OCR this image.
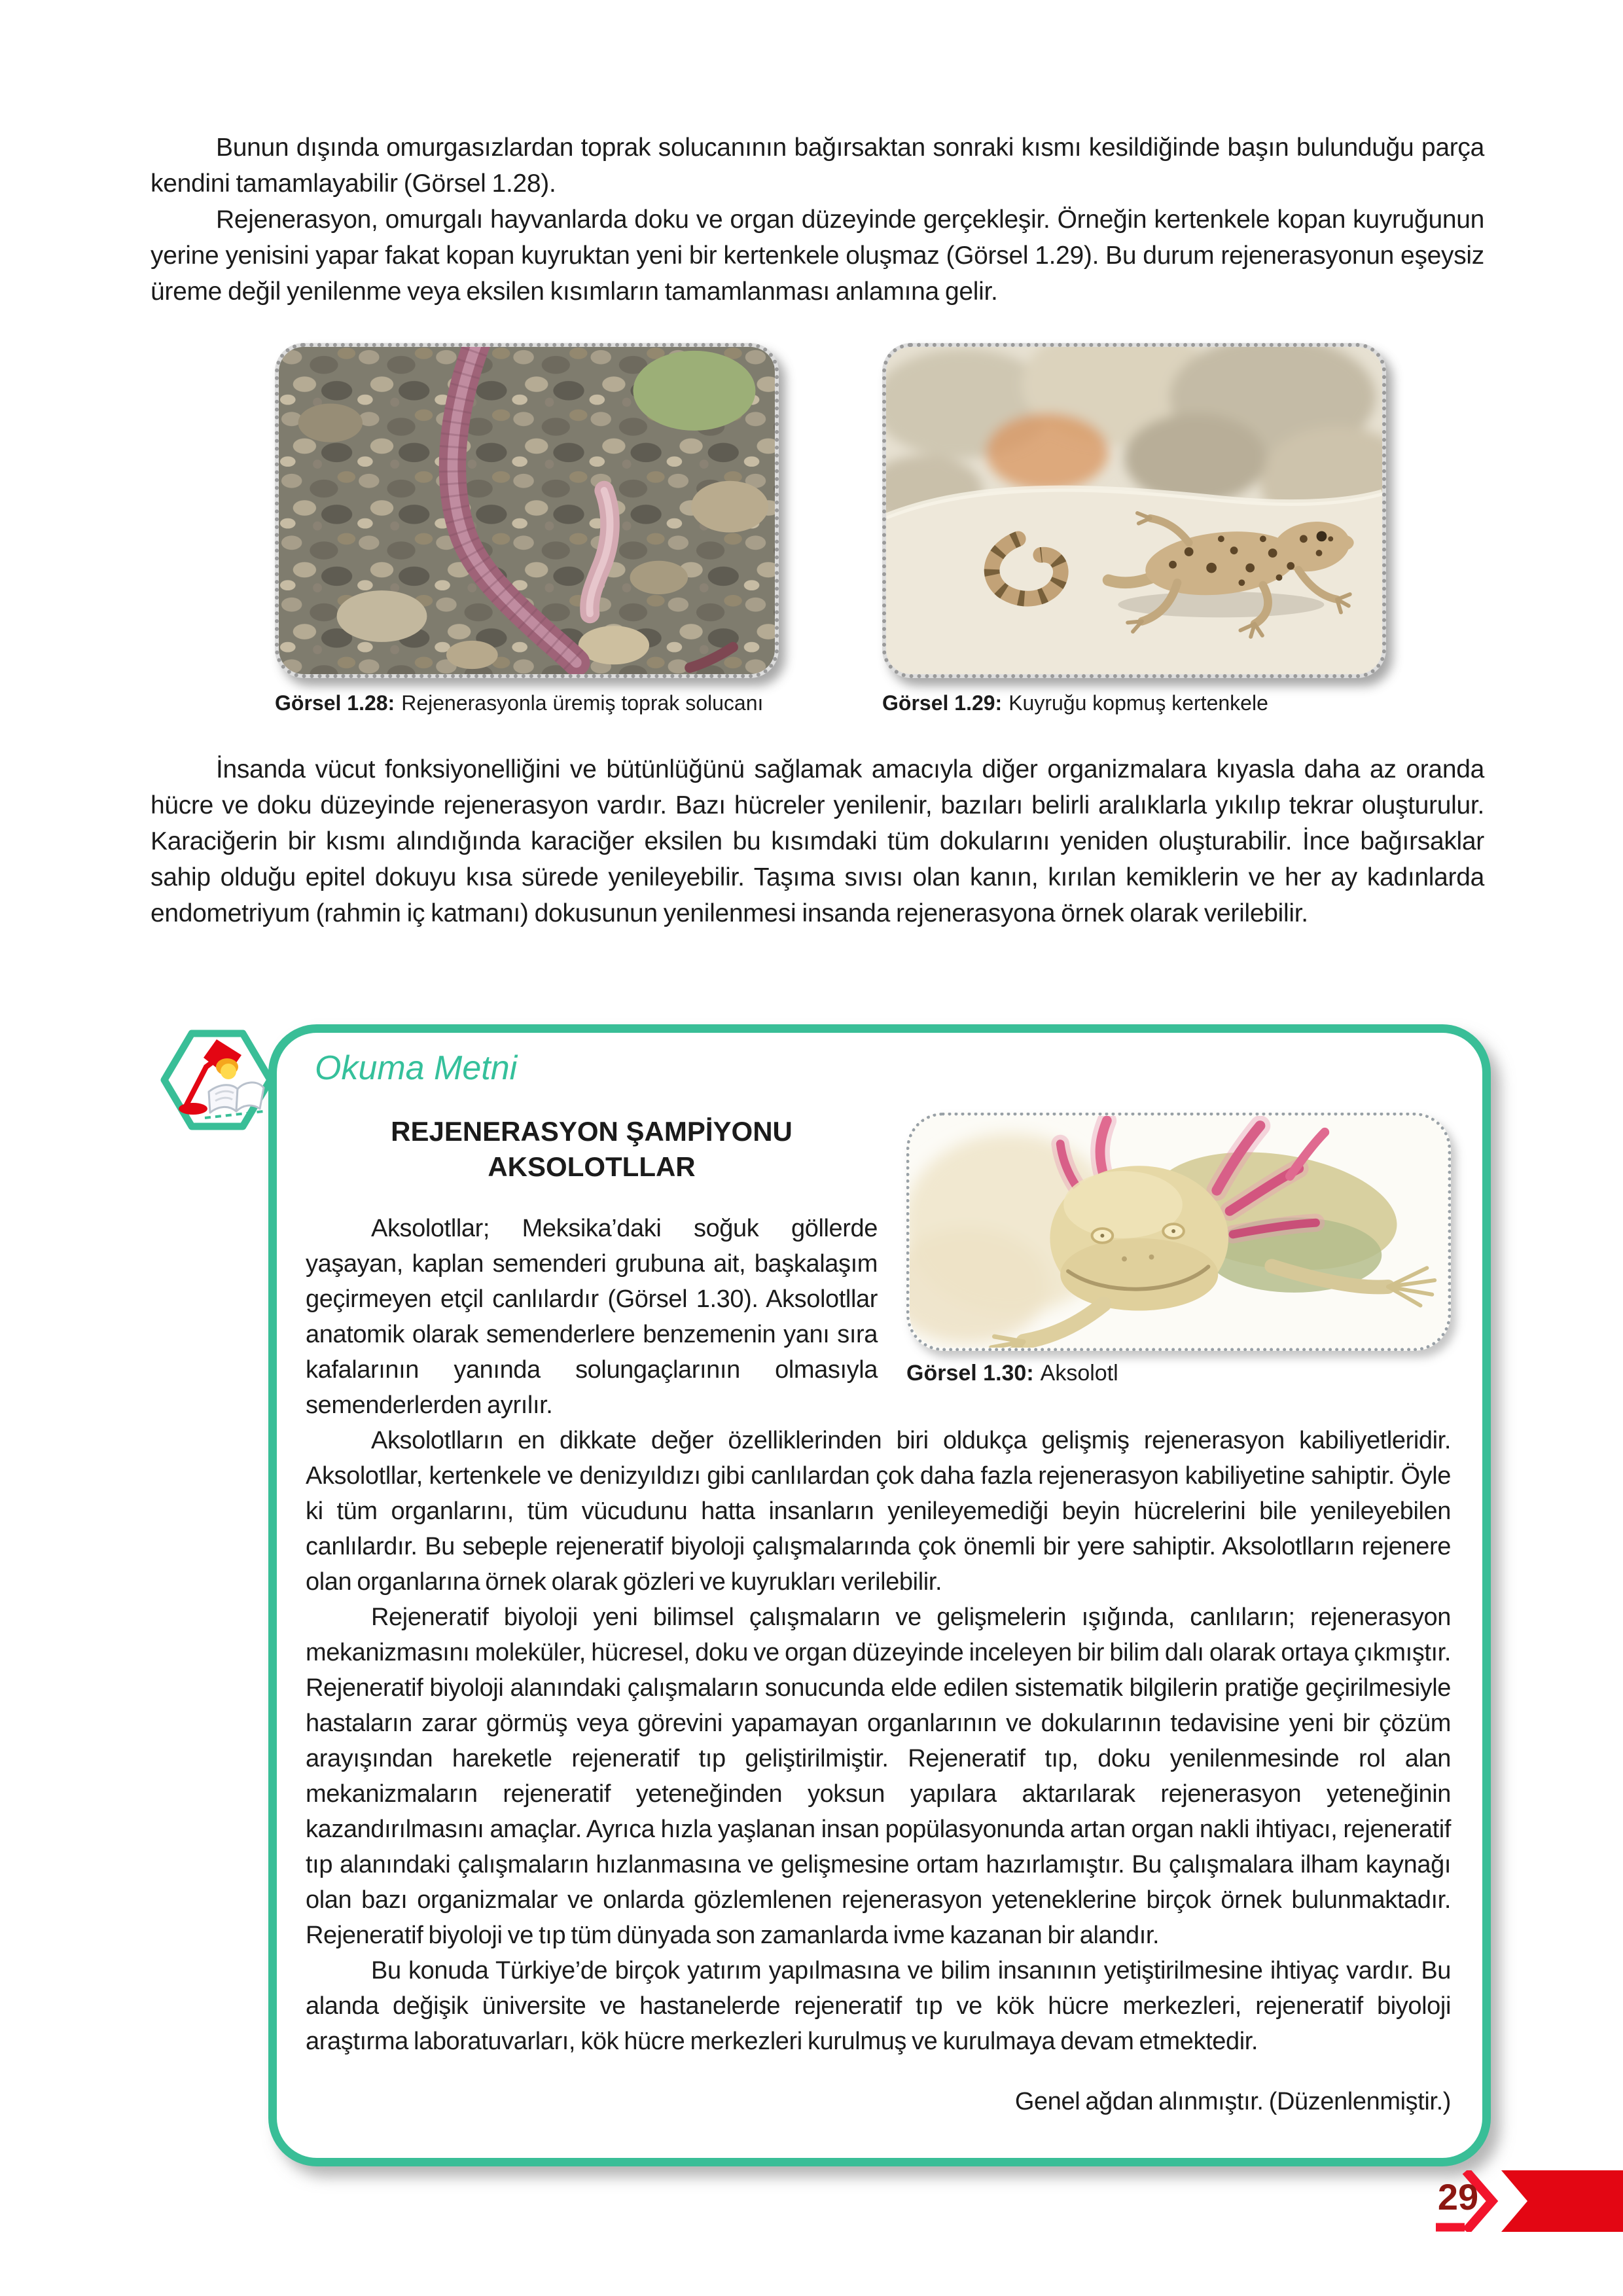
Bunun dışında omurgasızlardan toprak solucanının bağırsaktan sonraki kısmı kesildiğinde başın bulunduğu parça kendini tamamlayabilir (Görsel 1.28).

Rejenerasyon, omurgalı hayvanlarda doku ve organ düzeyinde gerçekleşir. Örneğin kertenkele kopan kuyruğunun yerine yenisini yapar fakat kopan kuyruktan yeni bir kertenkele oluşmaz (Görsel 1.29). Bu durum rejenerasyonun eşeysiz üreme değil yenilenme veya eksilen kısımların tamamlanması anlamına gelir.

Görsel 1.28: Rejenerasyonla üremiş toprak solucanı	Görsel 1.29: Kuyruğu kopmuş kertenkele

İnsanda vücut fonksiyonelliğini ve bütünlüğünü sağlamak amacıyla diğer organizmalara kıyasla daha az oranda hücre ve doku düzeyinde rejenerasyon vardır. Bazı hücreler yenilenir, bazıları belirli aralıklarla yıkılıp tekrar oluşturulur. Karaciğerin bir kısmı alındığında karaciğer eksilen bu kısımdaki tüm dokularını yeniden oluşturabilir. İnce bağırsaklar sahip olduğu epitel dokuyu kısa sürede yenileyebilir. Taşıma sıvısı olan kanın, kırılan kemiklerin ve her ay kadınlarda endometriyum (rahmin iç katmanı) dokusunun yenilenmesi insanda rejenerasyona örnek olarak verilebilir.

Görsel 1.30: Aksolotl
Okuma Metni
REJENERASYON ŞAMPİYONU AKSOLOTLLAR

Aksolotllar; Meksika’daki soğuk göllerde yaşayan, kaplan semenderi grubuna ait, başkalaşım geçirmeyen etçil canlılardır (Görsel 1.30). Aksolotllar anatomik olarak semenderlere benzemenin yanı sıra kafalarının yanında solungaçlarının olmasıyla semenderlerden ayrılır.

Aksolotlların en dikkate değer özelliklerinden biri oldukça gelişmiş rejenerasyon kabiliyetleridir. Aksolotllar, kertenkele ve denizyıldızı gibi canlılardan çok daha fazla rejenerasyon kabiliyetine sahiptir. Öyle ki tüm organlarını, tüm vücudunu hatta insanların yenileyemediği beyin hücrelerini bile yenileyebilen canlılardır. Bu sebeple rejeneratif biyoloji çalışmalarında çok önemli bir yere sahiptir. Aksolotlların rejenere olan organlarına örnek olarak gözleri ve kuyrukları verilebilir.

Rejeneratif biyoloji yeni bilimsel çalışmaların ve gelişmelerin ışığında, canlıların; rejenerasyon mekanizmasını moleküler, hücresel, doku ve organ düzeyinde inceleyen bir bilim dalı olarak ortaya çıkmıştır. Rejeneratif biyoloji alanındaki çalışmaların sonucunda elde edilen sistematik bilgilerin pratiğe geçirilmesiyle hastaların zarar görmüş veya görevini yapamayan organlarının ve dokularının tedavisine yeni bir çözüm arayışından hareketle rejeneratif tıp geliştirilmiştir. Rejeneratif tıp, doku yenilenmesinde rol alan mekanizmaların rejeneratif yeteneğinden yoksun yapılara aktarılarak rejenerasyon yeteneğinin kazandırılmasını amaçlar. Ayrıca hızla yaşlanan insan popülasyonunda artan organ nakli ihtiyacı, rejeneratif tıp alanındaki çalışmaların hızlanmasına ve gelişmesine ortam hazırlamıştır. Bu çalışmalara ilham kaynağı olan bazı organizmalar ve onlarda gözlemlenen rejenerasyon yeteneklerine birçok örnek bulunmaktadır. Rejeneratif biyoloji ve tıp tüm dünyada son zamanlarda ivme kazanan bir alandır.

Bu konuda Türkiye’de birçok yatırım yapılmasına ve bilim insanının yetiştirilmesine ihtiyaç vardır. Bu alanda değişik üniversite ve hastanelerde rejeneratif tıp ve kök hücre merkezleri, rejeneratif biyoloji araştırma laboratuvarları, kök hücre merkezleri kurulmuş ve kurulmaya devam etmektedir.

Genel ağdan alınmıştır. (Düzenlenmiştir.)

29
